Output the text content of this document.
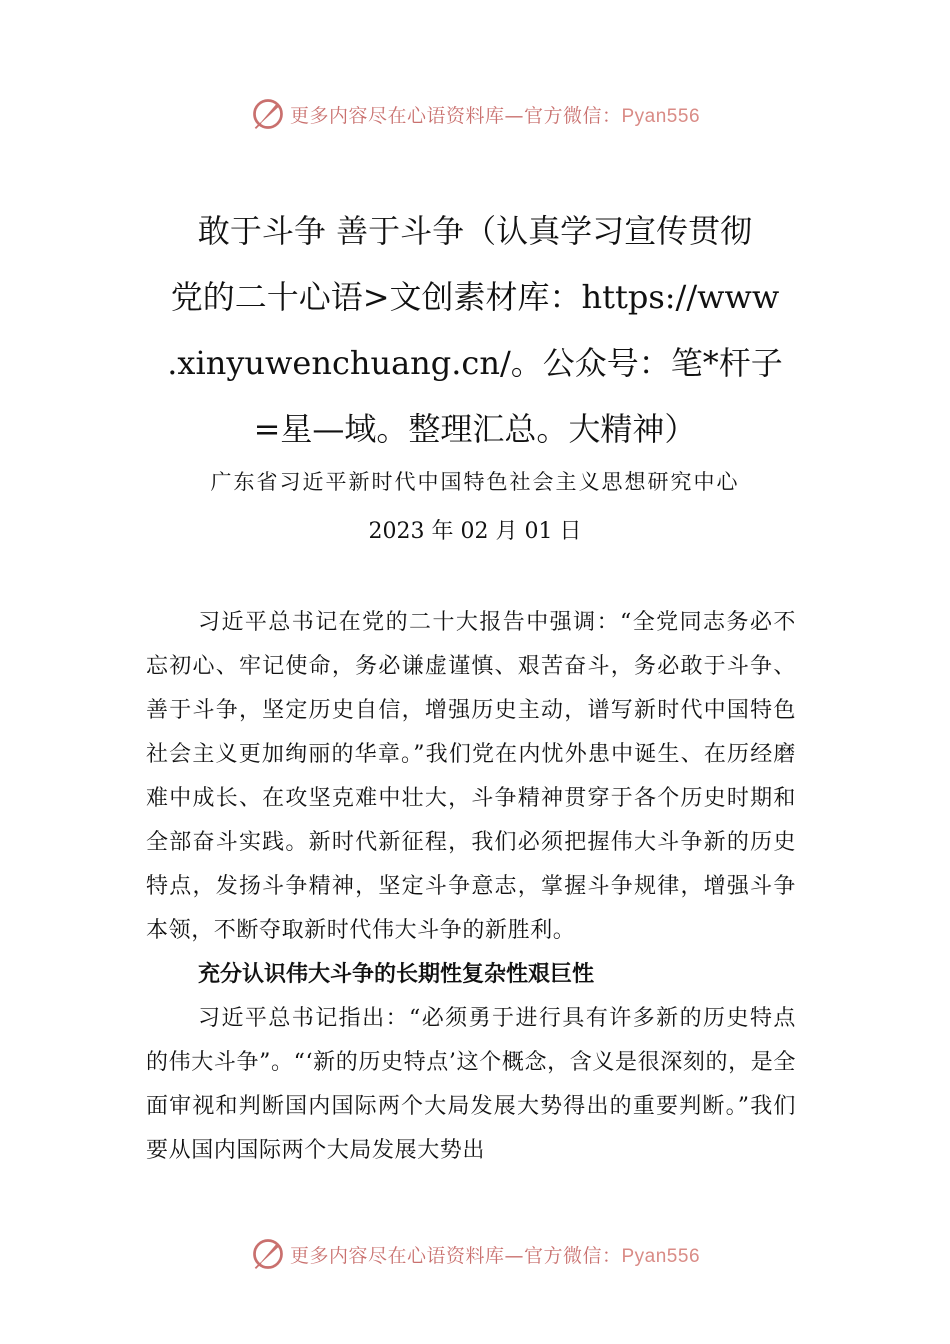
更多内容尽在心语资料库—官方微信：Pyan556
敢于斗争 善于斗争（认真学习宣传贯彻
党的二十心语>文创素材库：https://www
.xinyuwenchuang.cn/。公众号：笔*杆子
=星—域。整理汇总。大精神）
广东省习近平新时代中国特色社会主义思想研究中心
2023 年 02 月 01 日

习近平总书记在党的二十大报告中强调：“全党同志务必不忘初心、牢记使命，务必谦虚谨慎、艰苦奋斗，务必敢于斗争、善于斗争，坚定历史自信，增强历史主动，谱写新时代中国特色社会主义更加绚丽的华章。”我们党在内忧外患中诞生、在历经磨难中成长、在攻坚克难中壮大，斗争精神贯穿于各个历史时期和全部奋斗实践。新时代新征程，我们必须把握伟大斗争新的历史特点，发扬斗争精神，坚定斗争意志，掌握斗争规律，增强斗争本领，不断夺取新时代伟大斗争的新胜利。

充分认识伟大斗争的长期性复杂性艰巨性

习近平总书记指出：“必须勇于进行具有许多新的历史特点的伟大斗争”。“‘新的历史特点’这个概念，含义是很深刻的，是全面审视和判断国内国际两个大局发展大势得出的重要判断。”我们要从国内国际两个大局发展大势出

更多内容尽在心语资料库—官方微信：Pyan556
